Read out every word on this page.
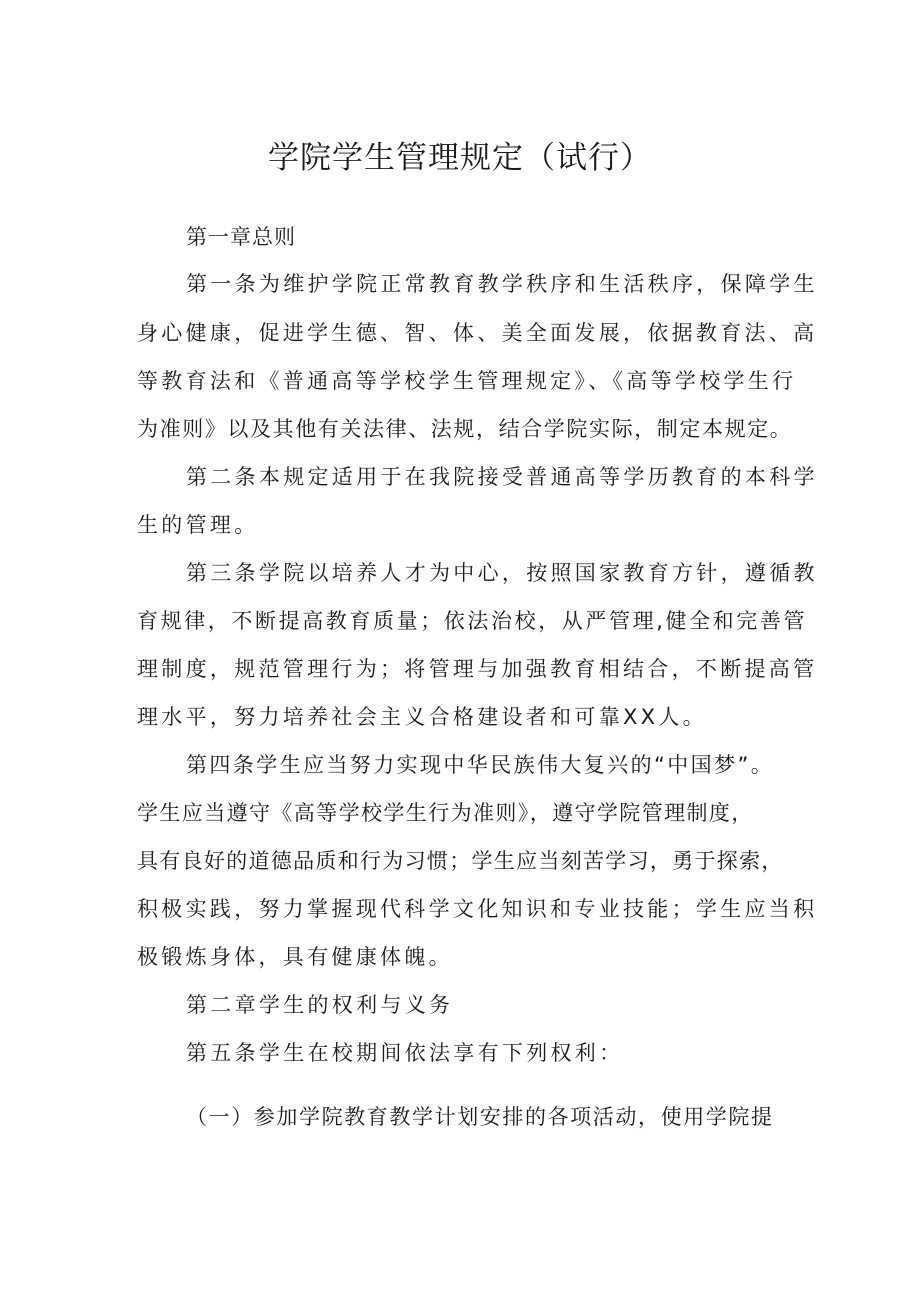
学院学生管理规定（试行）

第一章总则

第一条为维护学院正常教育教学秩序和生活秩序，保障学生

身心健康，促进学生德、智、体、美全面发展，依据教育法、高

等教育法和《普通高等学校学生管理规定》、《高等学校学生行

为准则》以及其他有关法律、法规，结合学院实际，制定本规定。

第二条本规定适用于在我院接受普通高等学历教育的本科学

生的管理。

第三条学院以培养人才为中心，按照国家教育方针，遵循教

育规律，不断提高教育质量；依法治校，从严管理,健全和完善管

理制度，规范管理行为；将管理与加强教育相结合，不断提高管

理水平，努力培养社会主义合格建设者和可靠XX人。

第四条学生应当努力实现中华民族伟大复兴的“中国梦”。

学生应当遵守《高等学校学生行为准则》，遵守学院管理制度，

具有良好的道德品质和行为习惯；学生应当刻苦学习，勇于探索，

积极实践，努力掌握现代科学文化知识和专业技能；学生应当积

极锻炼身体，具有健康体魄。

第二章学生的权利与义务

第五条学生在校期间依法享有下列权利：

（一）参加学院教育教学计划安排的各项活动，使用学院提
